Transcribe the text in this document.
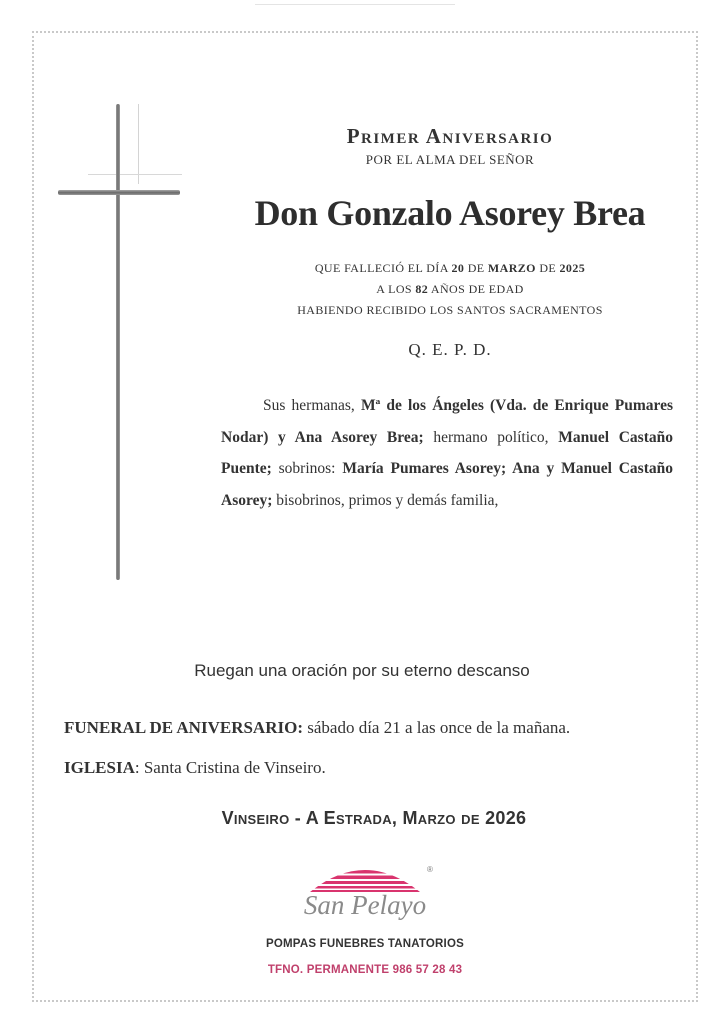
Primer Aniversario
POR EL ALMA DEL SEÑOR
Don Gonzalo Asorey Brea
QUE FALLECIÓ EL DÍA 20 DE MARZO DE 2025
A LOS 82 AÑOS DE EDAD
HABIENDO RECIBIDO LOS SANTOS SACRAMENTOS
Q. E. P. D.
Sus hermanas, Mª de los Ángeles (Vda. de Enrique Pumares Nodar) y Ana Asorey Brea; hermano político, Manuel Castaño Puente; sobrinos: María Pumares Asorey; Ana y Manuel Castaño Asorey; bisobrinos, primos y demás familia,
Ruegan una oración por su eterno descanso
FUNERAL DE ANIVERSARIO: sábado día 21 a las once de la mañana.
IGLESIA: Santa Cristina de Vinseiro.
Vinseiro - A Estrada, Marzo de 2026
®
San Pelayo
POMPAS FUNEBRES TANATORIOS
TFNO. PERMANENTE 986 57 28 43
